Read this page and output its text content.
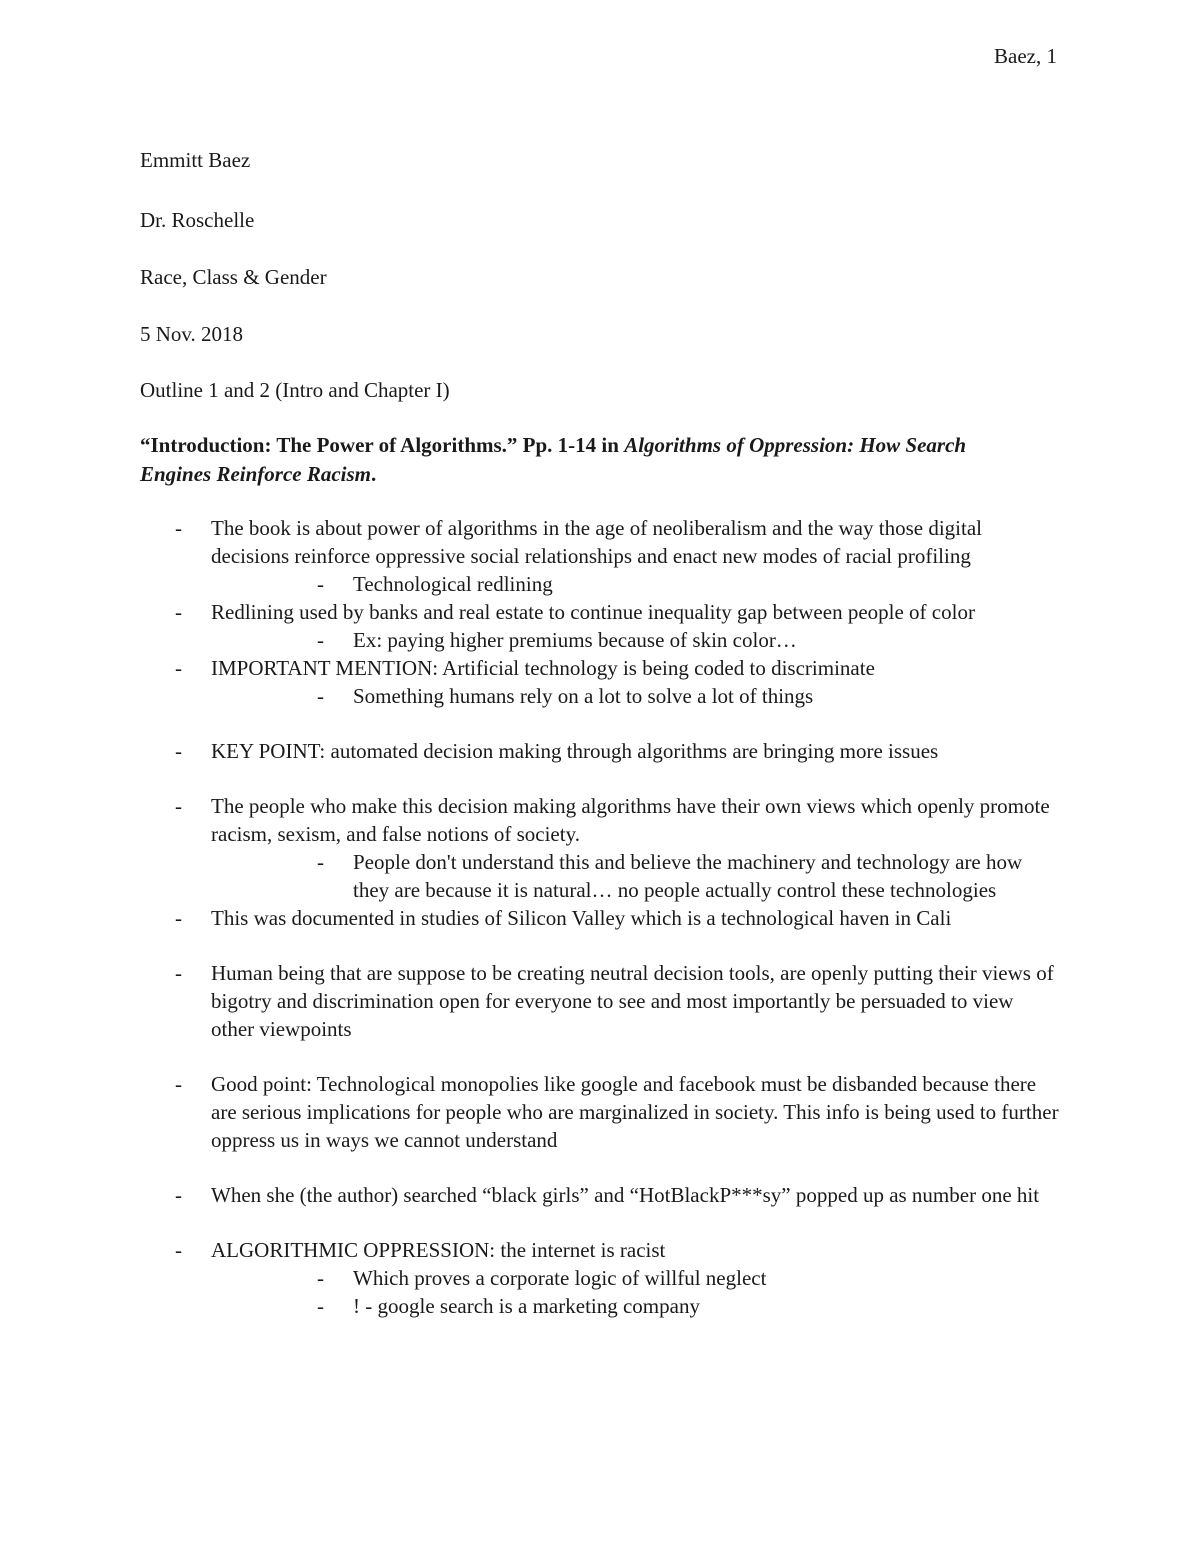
Baez, 1
Emmitt Baez
Dr. Roschelle
Race, Class & Gender
5 Nov. 2018
Outline 1 and 2 (Intro and Chapter I)
“Introduction: The Power of Algorithms.” Pp. 1-14 in Algorithms of Oppression: How Search Engines Reinforce Racism.
- The book is about power of algorithms in the age of neoliberalism and the way those digital decisions reinforce oppressive social relationships and enact new modes of racial profiling
- Technological redlining
- Redlining used by banks and real estate to continue inequality gap between people of color
- Ex: paying higher premiums because of skin color…
- IMPORTANT MENTION: Artificial technology is being coded to discriminate
- Something humans rely on a lot to solve a lot of things
- KEY POINT: automated decision making through algorithms are bringing more issues
- The people who make this decision making algorithms have their own views which openly promote racism, sexism, and false notions of society.
- People don't understand this and believe the machinery and technology are how they are because it is natural… no people actually control these technologies
- This was documented in studies of Silicon Valley which is a technological haven in Cali
- Human being that are suppose to be creating neutral decision tools, are openly putting their views of bigotry and discrimination open for everyone to see and most importantly be persuaded to view other viewpoints
- Good point: Technological monopolies like google and facebook must be disbanded because there are serious implications for people who are marginalized in society. This info is being used to further oppress us in ways we cannot understand
- When she (the author) searched “black girls” and “HotBlackP***sy” popped up as number one hit
- ALGORITHMIC OPPRESSION: the internet is racist
- Which proves a corporate logic of willful neglect
- ! - google search is a marketing company
